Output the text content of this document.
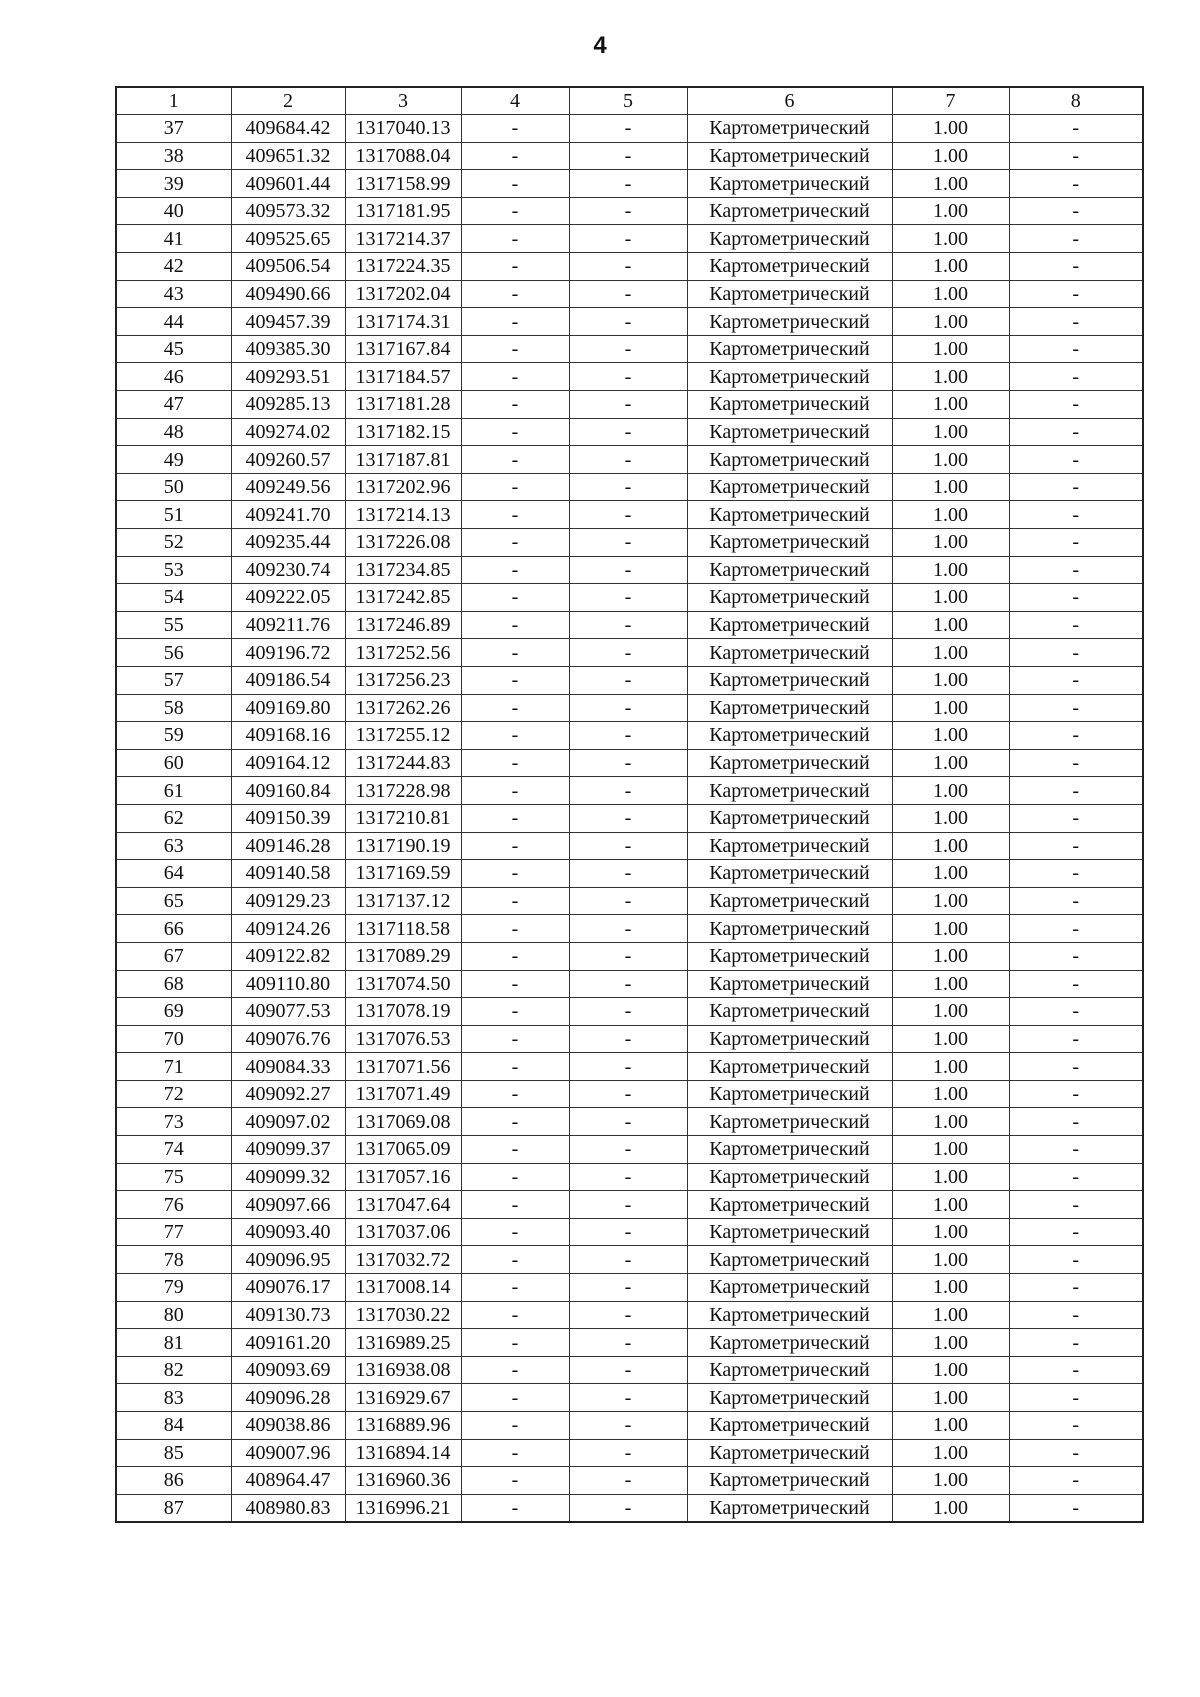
4
1	2	3	4	5	6	7	8
37	409684.42	1317040.13	-	-	Картометрический	1.00	-
38	409651.32	1317088.04	-	-	Картометрический	1.00	-
39	409601.44	1317158.99	-	-	Картометрический	1.00	-
40	409573.32	1317181.95	-	-	Картометрический	1.00	-
41	409525.65	1317214.37	-	-	Картометрический	1.00	-
42	409506.54	1317224.35	-	-	Картометрический	1.00	-
43	409490.66	1317202.04	-	-	Картометрический	1.00	-
44	409457.39	1317174.31	-	-	Картометрический	1.00	-
45	409385.30	1317167.84	-	-	Картометрический	1.00	-
46	409293.51	1317184.57	-	-	Картометрический	1.00	-
47	409285.13	1317181.28	-	-	Картометрический	1.00	-
48	409274.02	1317182.15	-	-	Картометрический	1.00	-
49	409260.57	1317187.81	-	-	Картометрический	1.00	-
50	409249.56	1317202.96	-	-	Картометрический	1.00	-
51	409241.70	1317214.13	-	-	Картометрический	1.00	-
52	409235.44	1317226.08	-	-	Картометрический	1.00	-
53	409230.74	1317234.85	-	-	Картометрический	1.00	-
54	409222.05	1317242.85	-	-	Картометрический	1.00	-
55	409211.76	1317246.89	-	-	Картометрический	1.00	-
56	409196.72	1317252.56	-	-	Картометрический	1.00	-
57	409186.54	1317256.23	-	-	Картометрический	1.00	-
58	409169.80	1317262.26	-	-	Картометрический	1.00	-
59	409168.16	1317255.12	-	-	Картометрический	1.00	-
60	409164.12	1317244.83	-	-	Картометрический	1.00	-
61	409160.84	1317228.98	-	-	Картометрический	1.00	-
62	409150.39	1317210.81	-	-	Картометрический	1.00	-
63	409146.28	1317190.19	-	-	Картометрический	1.00	-
64	409140.58	1317169.59	-	-	Картометрический	1.00	-
65	409129.23	1317137.12	-	-	Картометрический	1.00	-
66	409124.26	1317118.58	-	-	Картометрический	1.00	-
67	409122.82	1317089.29	-	-	Картометрический	1.00	-
68	409110.80	1317074.50	-	-	Картометрический	1.00	-
69	409077.53	1317078.19	-	-	Картометрический	1.00	-
70	409076.76	1317076.53	-	-	Картометрический	1.00	-
71	409084.33	1317071.56	-	-	Картометрический	1.00	-
72	409092.27	1317071.49	-	-	Картометрический	1.00	-
73	409097.02	1317069.08	-	-	Картометрический	1.00	-
74	409099.37	1317065.09	-	-	Картометрический	1.00	-
75	409099.32	1317057.16	-	-	Картометрический	1.00	-
76	409097.66	1317047.64	-	-	Картометрический	1.00	-
77	409093.40	1317037.06	-	-	Картометрический	1.00	-
78	409096.95	1317032.72	-	-	Картометрический	1.00	-
79	409076.17	1317008.14	-	-	Картометрический	1.00	-
80	409130.73	1317030.22	-	-	Картометрический	1.00	-
81	409161.20	1316989.25	-	-	Картометрический	1.00	-
82	409093.69	1316938.08	-	-	Картометрический	1.00	-
83	409096.28	1316929.67	-	-	Картометрический	1.00	-
84	409038.86	1316889.96	-	-	Картометрический	1.00	-
85	409007.96	1316894.14	-	-	Картометрический	1.00	-
86	408964.47	1316960.36	-	-	Картометрический	1.00	-
87	408980.83	1316996.21	-	-	Картометрический	1.00	-
